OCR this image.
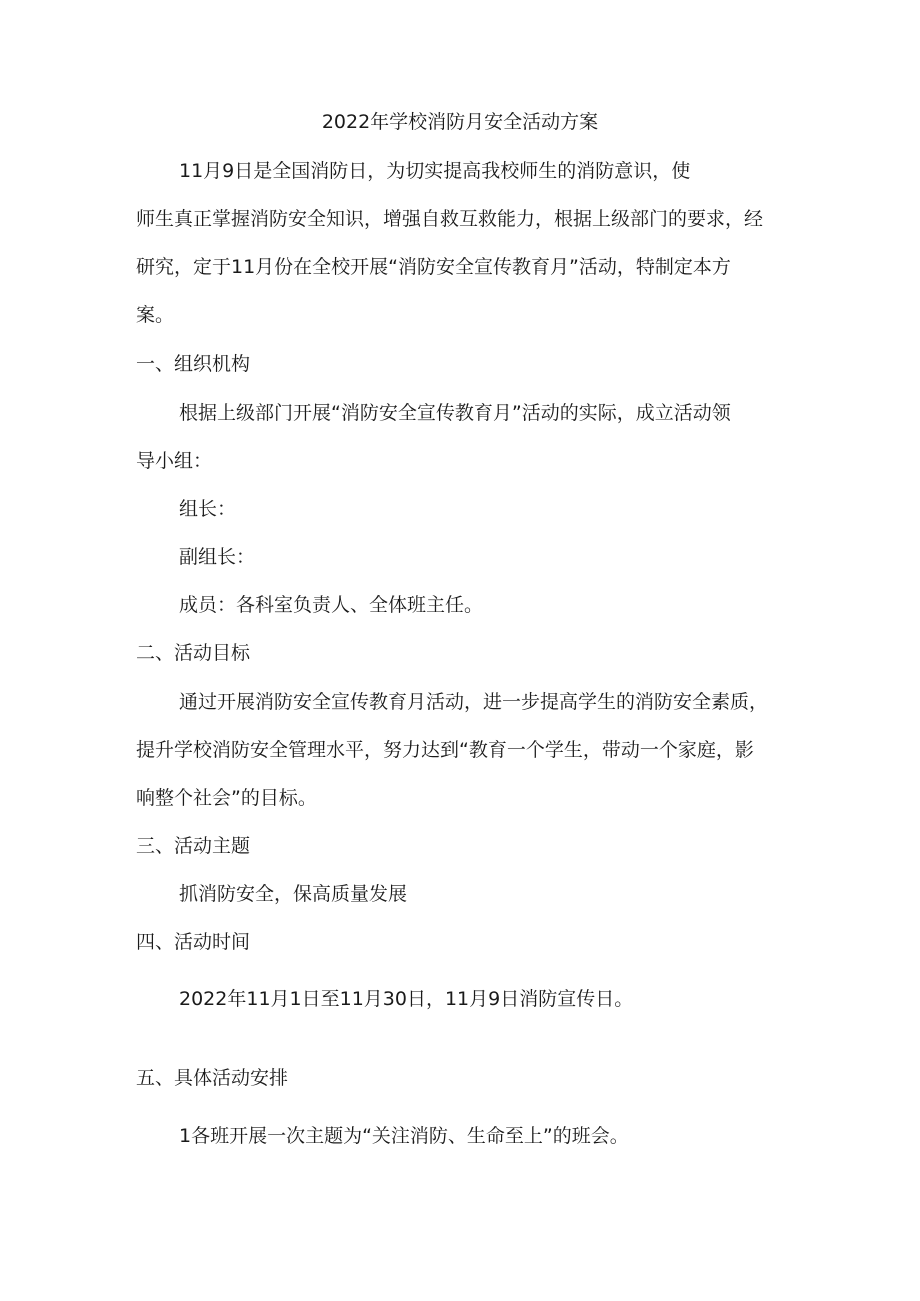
2022年学校消防月安全活动方案

11月9日是全国消防日，为切实提高我校师生的消防意识，使

师生真正掌握消防安全知识，增强自救互救能力，根据上级部门的要求，经

研究，定于11月份在全校开展“消防安全宣传教育月”活动，特制定本方

案。

一、组织机构

根据上级部门开展“消防安全宣传教育月”活动的实际，成立活动领

导小组：

组长：

副组长：

成员：各科室负责人、全体班主任。

二、活动目标

通过开展消防安全宣传教育月活动，进一步提高学生的消防安全素质，

提升学校消防安全管理水平，努力达到“教育一个学生，带动一个家庭，影

响整个社会”的目标。

三、活动主题

抓消防安全，保高质量发展

四、活动时间

2022年11月1日至11月30日，11月9日消防宣传日。

五、具体活动安排

1各班开展一次主题为“关注消防、生命至上”的班会。
